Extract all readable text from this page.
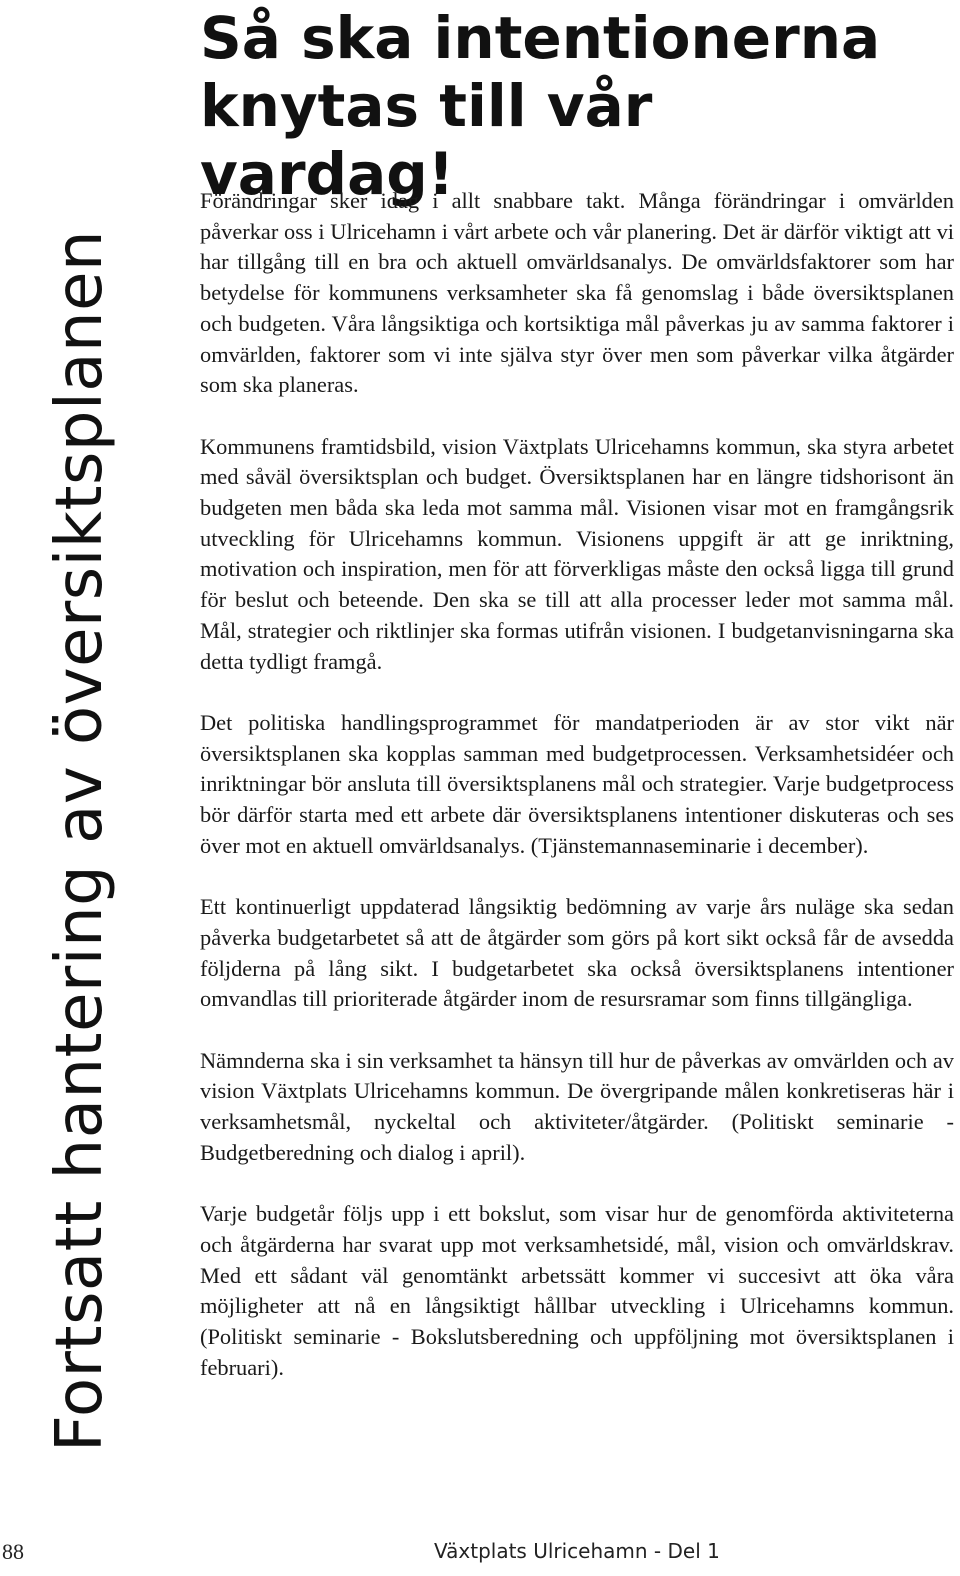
Fortsatt hantering av översiktsplanen
Så ska intentionerna
knytas till vår vardag!

Förändringar sker idag i allt snabbare takt. Många förändringar i omvärlden påverkar oss i Ulricehamn i vårt arbete och vår planering. Det är därför viktigt att vi har tillgång till en bra och aktuell omvärldsanalys. De omvärldsfaktorer som har betydelse för kommunens verksamheter ska få genomslag i både översiktsplanen och budgeten. Våra långsiktiga och kortsiktiga mål påverkas ju av samma faktorer i omvärlden, faktorer som vi inte själva styr över men som påverkar vilka åtgärder som ska planeras.

Kommunens framtidsbild, vision Växtplats Ulricehamns kommun, ska styra arbetet med såväl översiktsplan och budget. Översiktsplanen har en längre tidshorisont än budgeten men båda ska leda mot samma mål. Visionen visar mot en framgångsrik utveckling för Ulricehamns kommun. Visionens uppgift är att ge inriktning, motivation och inspiration, men för att förverkligas måste den också ligga till grund för beslut och beteende. Den ska se till att alla processer leder mot samma mål. Mål, strategier och riktlinjer ska formas utifrån visionen. I budgetanvisningarna ska detta tydligt framgå.

Det politiska handlingsprogrammet för mandatperioden är av stor vikt när översiktsplanen ska kopplas samman med budgetprocessen. Verksamhetsidéer och inriktningar bör ansluta till översiktsplanens mål och strategier. Varje budgetprocess bör därför starta med ett arbete där översiktsplanens intentioner diskuteras och ses över mot en aktuell omvärldsanalys. (Tjänstemannaseminarie i december).

Ett kontinuerligt uppdaterad långsiktig bedömning av varje års nuläge ska sedan påverka budgetarbetet så att de åtgärder som görs på kort sikt också får de avsedda följderna på lång sikt. I budgetarbetet ska också översiktsplanens intentioner omvandlas till prioriterade åtgärder inom de resursramar som finns tillgängliga.

Nämnderna ska i sin verksamhet ta hänsyn till hur de påverkas av omvärlden och av vision Växtplats Ulricehamns kommun. De övergripande målen konkretiseras här i verksamhetsmål, nyckeltal och aktiviteter/åtgärder. (Politiskt seminarie - Budgetberedning och dialog i april).

Varje budgetår följs upp i ett bokslut, som visar hur de genomförda aktiviteterna och åtgärderna har svarat upp mot verksamhetsidé, mål, vision och omvärldskrav. Med ett sådant väl genomtänkt arbetssätt kommer vi succesivt att öka våra möjligheter att nå en långsiktigt hållbar utveckling i Ulricehamns kommun. (Politiskt seminarie - Bokslutsberedning och uppföljning mot översiktsplanen i februari).

88	Växtplats Ulricehamn - Del 1
